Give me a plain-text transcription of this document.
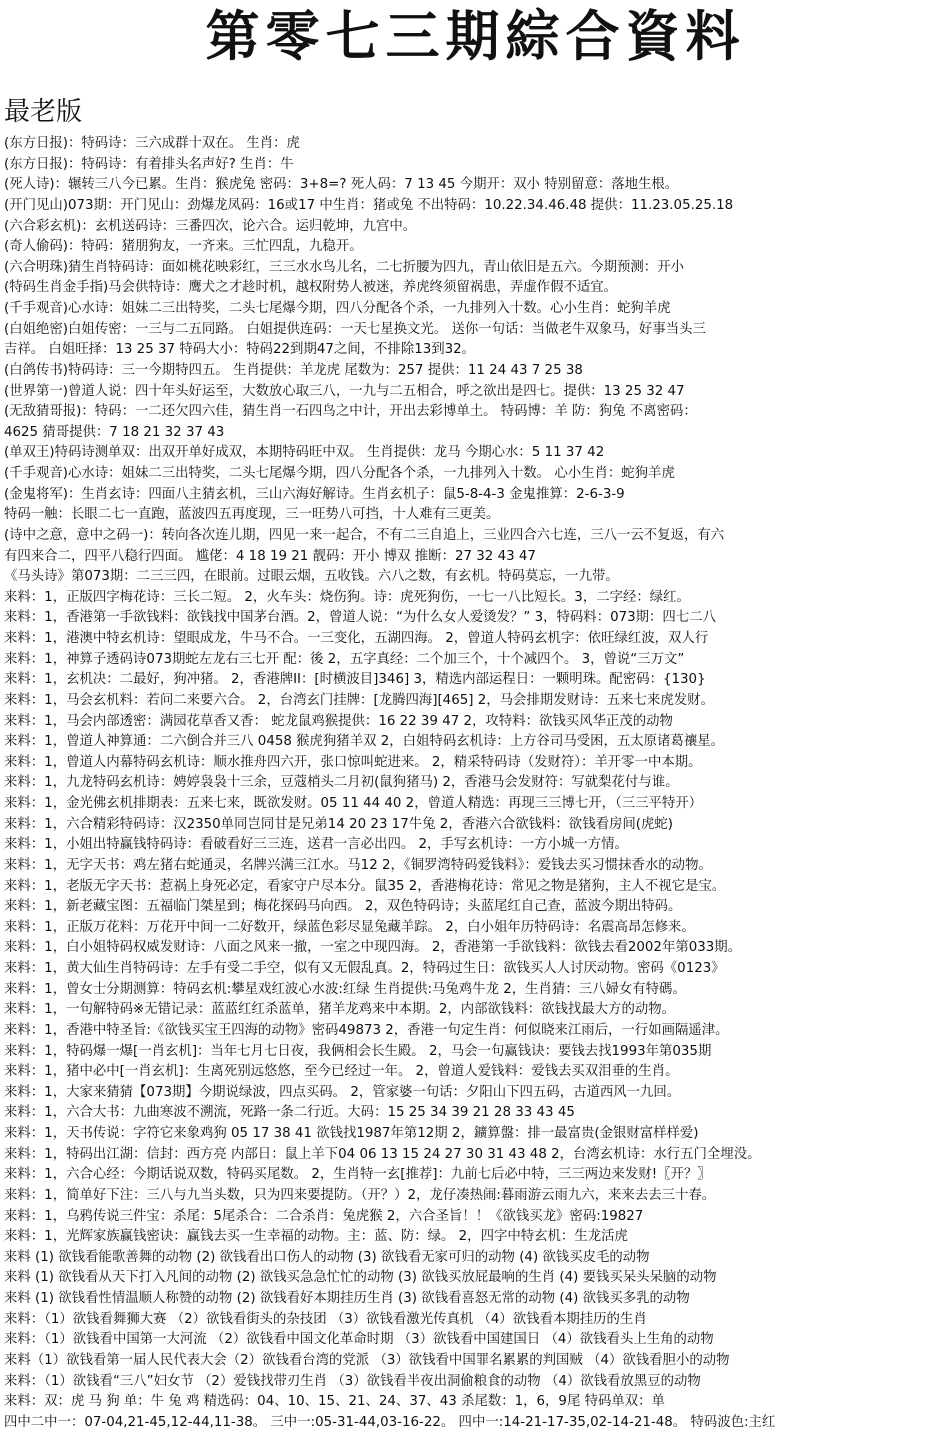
第零七三期綜合資料
最老版
(东方日报)：特码诗：三六成群十双在。 生肖：虎
(东方日报)：特码诗：有着排头名声好? 生肖：牛
(死人诗)：辗转三八今已累。生肖：猴虎兔 密码：3+8=? 死人码：7 13 45 今期开：双小 特别留意：落地生根。
(开门见山)073期：开门见山：劲爆龙凤码：16或17 中生肖：猪或兔 不出特码：10.22.34.46.48 提供：11.23.05.25.18
(六合彩玄机)：玄机送码诗：三番四次，论六合。运归乾坤，九宫中。
(奇人偷码)：特码：猪朋狗友，一齐来。三忙四乱，九稳开。
(六合明珠)猜生肖特码诗：面如桃花映彩红，三三水水鸟儿名，二七折腰为四九，青山依旧是五六。今期预测：开小
(特码生肖金手指)马会供特诗：鹰犬之才趁时机，越权附势人被迷，养虎终须留祸患，弄虚作假不适宜。
(千手观音)心水诗：姐妹二三出特奖，二头七尾爆今期，四八分配各个杀，一九排列入十数。心小生肖：蛇狗羊虎
(白姐绝密)白姐传密：一三与二五同路。 白姐提供连码：一天七星换文光。 送你一句话：当做老牛双象马，好事当头三
吉祥。 白姐旺择：13 25 37 特码大小：特码22到期47之间，不排除13到32。
(白鸽传书)特码诗：三一今期特四五。 生肖提供：羊龙虎 尾数为：257 提供：11 24 43 7 25 38
(世界第一)曾道人说：四十年头好运至，大数放心取三八，一九与二五相合，呼之欲出是四七。提供：13 25 32 47
(无敌猜哥报)：特码：一二还欠四六佳，猜生肖一石四鸟之中计，开出去彩博单土。 特码博：羊 防：狗兔 不离密码：
4625 猜哥提供：7 18 21 32 37 43
(单双王)特码诗测单双：出双开单好成双，本期特码旺中双。 生肖提供：龙马 今期心水：5 11 37 42
(千手观音)心水诗：姐妹二三出特奖，二头七尾爆今期，四八分配各个杀，一九排列入十数。 心小生肖：蛇狗羊虎
(金鬼将军)：生肖玄诗：四面八主猜玄机，三山六海好解诗。生肖玄机子：鼠5-8-4-3 金鬼推算：2-6-3-9
特码一触：长眼二七一直跑，蓝波四五再度现，三一旺势八可挡，十人难有三更美。
(诗中之意，意中之码一)：转向各次连儿期，四见一来一起合，不有二三自追上，三业四合六七连，三八一云不复返，有六
有四来合二，四平八稳行四面。 尴佬：4 18 19 21 靓码：开小 博双 推断：27 32 43 47
《马头诗》第073期：二三三四，在眼前。过眼云烟，五收钱。六八之数，有玄机。特码莫忘，一九带。
来料：1，正版四字梅花诗：三长二短。 2，火车头：烧伤狗。诗：虎死狗伤，一七一八比短长。3，二字经：绿红。
来料：1，香港第一手欲钱料：欲钱找中国茅台酒。2，曾道人说：“为什么女人爱烫发？” 3，特码料：073期：四七二八
来料：1，港澳中特玄机诗：望眼成龙，牛马不合。一三变化，五湖四海。 2，曾道人特码玄机字：依旺绿红波，双人行
来料：1，神算子透码诗073期蛇左龙右三七开 配：後 2，五字真经：二个加三个，十个减四个。 3，曾说“三万文”
来料：1，玄机决：二最好，狗冲猪。 2，香港牌II：[时横波目]346] 3，精选内部运程日：一颗明珠。配密码：{130}
来料：1，马会玄机料：若问二来要六合。 2，台湾玄门挂牌：[龙腾四海][465] 2，马会排期发财诗：五来七来虎发财。
来料：1，马会内部透密：满园花草香又香： 蛇龙鼠鸡猴提供：16 22 39 47 2，攻特料：欲钱买风华正茂的动物
来料：1，曾道人神算通：二六倒合并三八 0458 猴虎狗猪羊双 2，白姐特码玄机诗：上方谷司马受困，五太原诸葛禳星。
来料：1，曾道人内幕特码玄机诗：顺水推舟四六开，张口惊叫蛇进来。 2，精采特码诗（发财符）：羊开零一中本期。
来料：1，九龙特码玄机诗：娉婷袅袅十三余，豆蔻梢头二月初(鼠狗猪马) 2，香港马会发财符：写就梨花付与谁。
来料：1，金光佛玄机排期表：五来七来，既欲发财。05 11 44 40 2，曾道人精选：再现三三博七开，（三三平特开）
来料：1，六合精彩特码诗：汉2350单同岂同甘是兄弟14 20 23 17牛兔 2，香港六合欲钱料：欲钱看房间(虎蛇)
来料：1，小姐出特赢钱特码诗：看破看好三三连，送君一言必出四。 2，手写玄机诗：一方小城一方情。
来料：1，无字天书：鸡左猪右蛇通灵，名牌兴满三江水。马12 2，《铜罗湾特码爱钱料》：爱钱去买习惯抹香水的动物。
来料：1，老版无字天书：惹祸上身死必定，看家守户尽本分。鼠35 2，香港梅花诗：常见之物是猪狗，主人不视它是宝。
来料：1，新老藏宝图：五福临门桀星到；梅花探码马向西。 2，双色特码诗；头蓝尾红自己查，蓝波今期出特码。
来料：1，正版万花料：万花开中间一二好数开，绿蓝色彩尽显兔藏羊踪。 2，白小姐年历特码诗：名震高昂怎修来。
来料：1，白小姐特码权威发财诗：八面之风来一撤，一室之中现四海。 2，香港第一手欲钱料：欲钱去看2002年第033期。
来料：1，黄大仙生肖特码诗：左手有受二手空，似有又无假乱真。2，特码过生日：欲钱买人人讨厌动物。密码《0123》
来料：1，曾女士分期测算：特码玄机:攀星戏红波心水波:红绿 生肖提供:马兔鸡牛龙 2，生肖猜：三八婦女有特碼。
来料：1，一句解特码※无错记录：蓝蓝红红杀蓝单，猪羊龙鸡来中本期。2，内部欲钱料：欲钱找最大方的动物。
来料：1，香港中特圣旨:《欲钱买宝王四海的动物》密码49873 2，香港一句定生肖：何似晓来江雨后，一行如画隔遥津。
来料：1，特码爆一爆[一肖玄机]：当年七月七日夜，我俩相会长生殿。 2，马会一句赢钱诀：要钱去找1993年第035期
来料：1，猪中必中[一肖玄机]：生离死别远悠悠，至今已经过一年。 2，曾道人爱钱料：爱钱去买双泪垂的生肖。
来料：1，大家来猜猜【073期】今期说绿波，四点买码。 2，管家婆一句话：夕阳山下四五码，古道西风一九回。
来料：1，六合大书：九曲寒波不溯流，死路一条二行近。大码：15 25 34 39 21 28 33 43 45
来料：1，天书传说：字符它来象鸡狗 05 17 38 41 欲钱找1987年第12期 2，鑛算盤：排一最富贵(金银财富样样爱)
来料：1，特码出江湖：信封：西方亮 内部日：鼠上羊下04 06 13 15 24 27 30 31 43 48 2，台湾玄机诗：水行五门全埋没。
来料：1，六合心经：今期话说双数，特码买尾数。 2，生肖特一玄[推荐]：九前七后必中特，三三两边来发财!〖开？〗
来料：1，简单好下注：三八与九当头数，只为四来要提防。（开？）2，龙仔凑热闹:暮雨游云雨九六，来来去去三十春。
来料：1，乌鸦传说三件宝：杀尾：5尾杀合：二合杀肖：兔虎猴 2，六合圣旨！！《欲钱买龙》密码:19827
来料：1，光辉家族赢钱密诀：赢钱去买一生幸福的动物。主：蓝、防：绿。 2，四字中特玄机：生龙活虎
来料 (1) 欲钱看能歌善舞的动物 (2) 欲钱看出口伤人的动物 (3) 欲钱看无家可归的动物 (4) 欲钱买皮毛的动物
来料 (1) 欲钱看从天下打入凡间的动物 (2) 欲钱买急急忙忙的动物 (3) 欲钱买放屁最响的生肖 (4) 要钱买呆头呆脑的动物
来料 (1) 欲钱看性情温顺人称赞的动物 (2) 欲钱看好本期挂历生肖 (3) 欲钱看喜怒无常的动物 (4) 欲钱买多乳的动物
来料：（1）欲钱看舞狮大赛 （2）欲钱看街头的杂技团 （3）欲钱看激光传真机 （4）欲钱看本期挂历的生肖
来料：（1）欲钱看中国第一大河流 （2）欲钱看中国文化革命时期 （3）欲钱看中国建国日 （4）欲钱看头上生角的动物
来料（1）欲钱看第一届人民代表大会（2）欲钱看台湾的党派 （3）欲钱看中国罪名累累的判国贼 （4）欲钱看胆小的动物
来料：（1）欲钱看“三八”妇女节 （2）爱钱找带刃生肖 （3）欲钱看半夜出洞偷粮食的动物 （4）欲钱看放黑豆的动物
来料：双：虎 马 狗 单：牛 兔 鸡 精选码：04、10、15、21、24、37、43 杀尾数：1，6，9尾 特码单双：单
四中二中一：07-04,21-45,12-44,11-38。 三中一:05-31-44,03-16-22。 四中一:14-21-17-35,02-14-21-48。 特码波色:主红
